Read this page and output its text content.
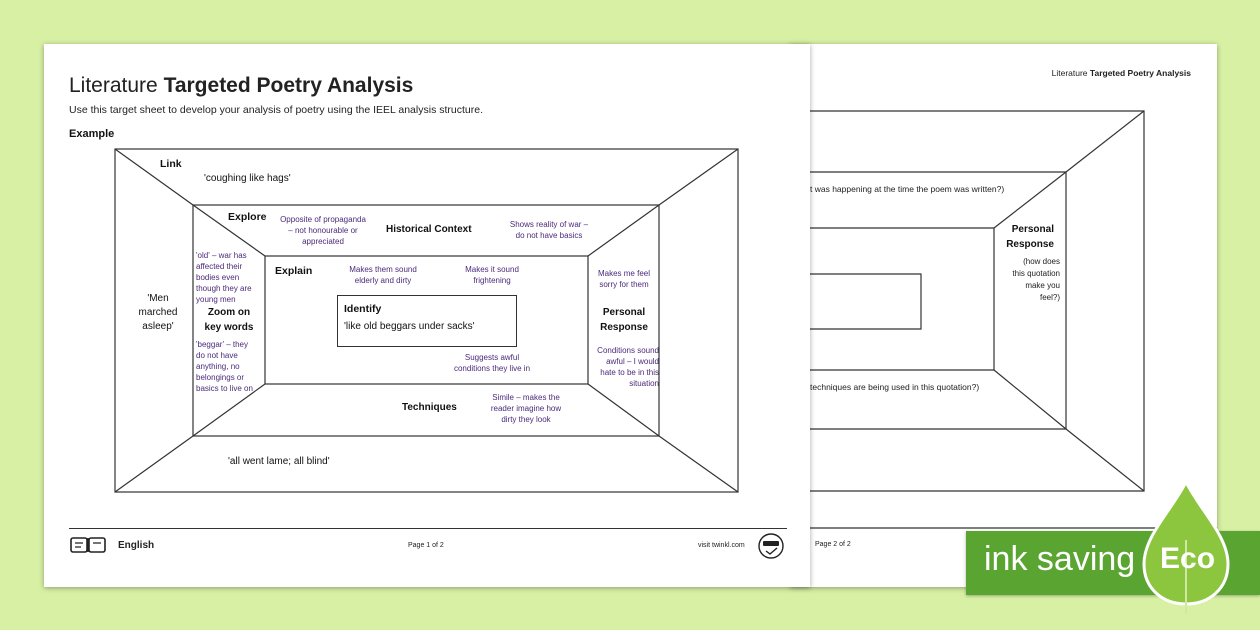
Literature Targeted Poetry Analysis
t was happening at the time the poem was written?)
techniques are being used in this quotation?)
Personal
Response
(how does
this quotation
make you
feel?)
Page 2 of 2
Literature Targeted Poetry Analysis
Use this target sheet to develop your analysis of poetry using the IEEL analysis structure.
Example
Link
Explore
Historical Context
Explain
Identify
Zoom on
key words
Personal
Response
Techniques
'coughing like hags'
'Men
marched
asleep'	'like old beggars under sacks'
'all went lame; all blind'
Opposite of propaganda
– not honourable or
appreciated
Shows reality of war –
do not have basics
Makes them sound
elderly and dirty
Makes it sound
frightening
'old' – war has
affected their
bodies even
though they are
young men
'beggar' – they
do not have
anything, no
belongings or
basics to live on
Makes me feel
sorry for them
Conditions sound
awful – I would
hate to be in this
situation
Suggests awful
conditions they live in
Simile – makes the
reader imagine how
dirty they look
English	Page 1 of 2	visit twinkl.com	ink saving Eco
